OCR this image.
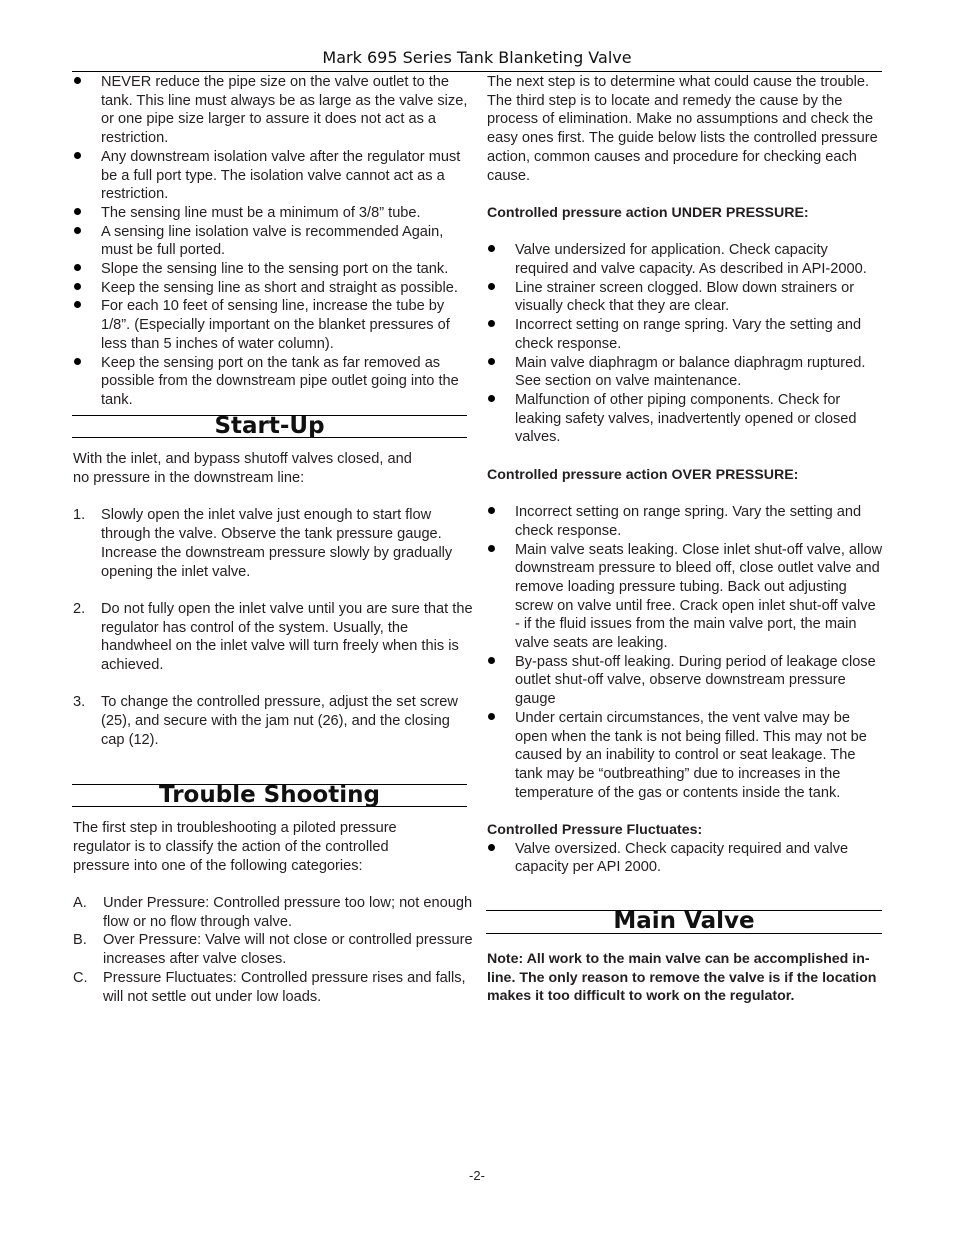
Mark 695 Series Tank Blanketing Valve
NEVER reduce the pipe size on the valve outlet to the tank. This line must always be as large as the valve size, or one pipe size larger to assure it does not act as a restriction.
Any downstream isolation valve after the regulator must be a full port type. The isolation valve cannot act as a restriction.
The sensing line must be a minimum of 3/8” tube.
A sensing line isolation valve is recommended Again, must be full ported.
Slope the sensing line to the sensing port on the tank.
Keep the sensing line as short and straight as possible.
For each 10 feet of sensing line, increase the tube by 1/8”. (Especially important on the blanket pressures of less than 5 inches of water column).
Keep the sensing port on the tank as far removed as possible from the downstream pipe outlet going into the tank.
Start-Up

With the inlet, and bypass shutoff valves closed, and no pressure in the downstream line:

1. Slowly open the inlet valve just enough to start flow through the valve. Observe the tank pressure gauge. Increase the downstream pressure slowly by gradually opening the inlet valve.
2. Do not fully open the inlet valve until you are sure that the regulator has control of the system. Usually, the handwheel on the inlet valve will turn freely when this is achieved.
3. To change the controlled pressure, adjust the set screw (25), and secure with the jam nut (26), and the closing cap (12).
Trouble Shooting

The first step in troubleshooting a piloted pressure regulator is to classify the action of the controlled pressure into one of the following categories:

A. Under Pressure: Controlled pressure too low; not enough flow or no flow through valve.
B. Over Pressure: Valve will not close or controlled pressure increases after valve closes.
C. Pressure Fluctuates: Controlled pressure rises and falls, will not settle out under low loads.

The next step is to determine what could cause the trouble. The third step is to locate and remedy the cause by the process of elimination. Make no assumptions and check the easy ones first. The guide below lists the controlled pressure action, common causes and procedure for checking each cause.

Controlled pressure action UNDER PRESSURE:

Valve undersized for application. Check capacity required and valve capacity. As described in API-2000.
Line strainer screen clogged. Blow down strainers or visually check that they are clear.
Incorrect setting on range spring. Vary the setting and check response.
Main valve diaphragm or balance diaphragm ruptured. See section on valve maintenance.
Malfunction of other piping components. Check for leaking safety valves, inadvertently opened or closed valves.

Controlled pressure action OVER PRESSURE:

Incorrect setting on range spring. Vary the setting and check response.
Main valve seats leaking. Close inlet shut-off valve, allow downstream pressure to bleed off, close outlet valve and remove loading pressure tubing. Back out adjusting screw on valve until free. Crack open inlet shut-off valve - if the fluid issues from the main valve port, the main valve seats are leaking.
By-pass shut-off leaking. During period of leakage close outlet shut-off valve, observe downstream pressure gauge
Under certain circumstances, the vent valve may be open when the tank is not being filled. This may not be caused by an inability to control or seat leakage. The tank may be “outbreathing” due to increases in the temperature of the gas or contents inside the tank.

Controlled Pressure Fluctuates:

Valve oversized. Check capacity required and valve capacity per API 2000.
Main Valve

Note: All work to the main valve can be accomplished in-line. The only reason to remove the valve is if the location makes it too difficult to work on the regulator.

-2-
